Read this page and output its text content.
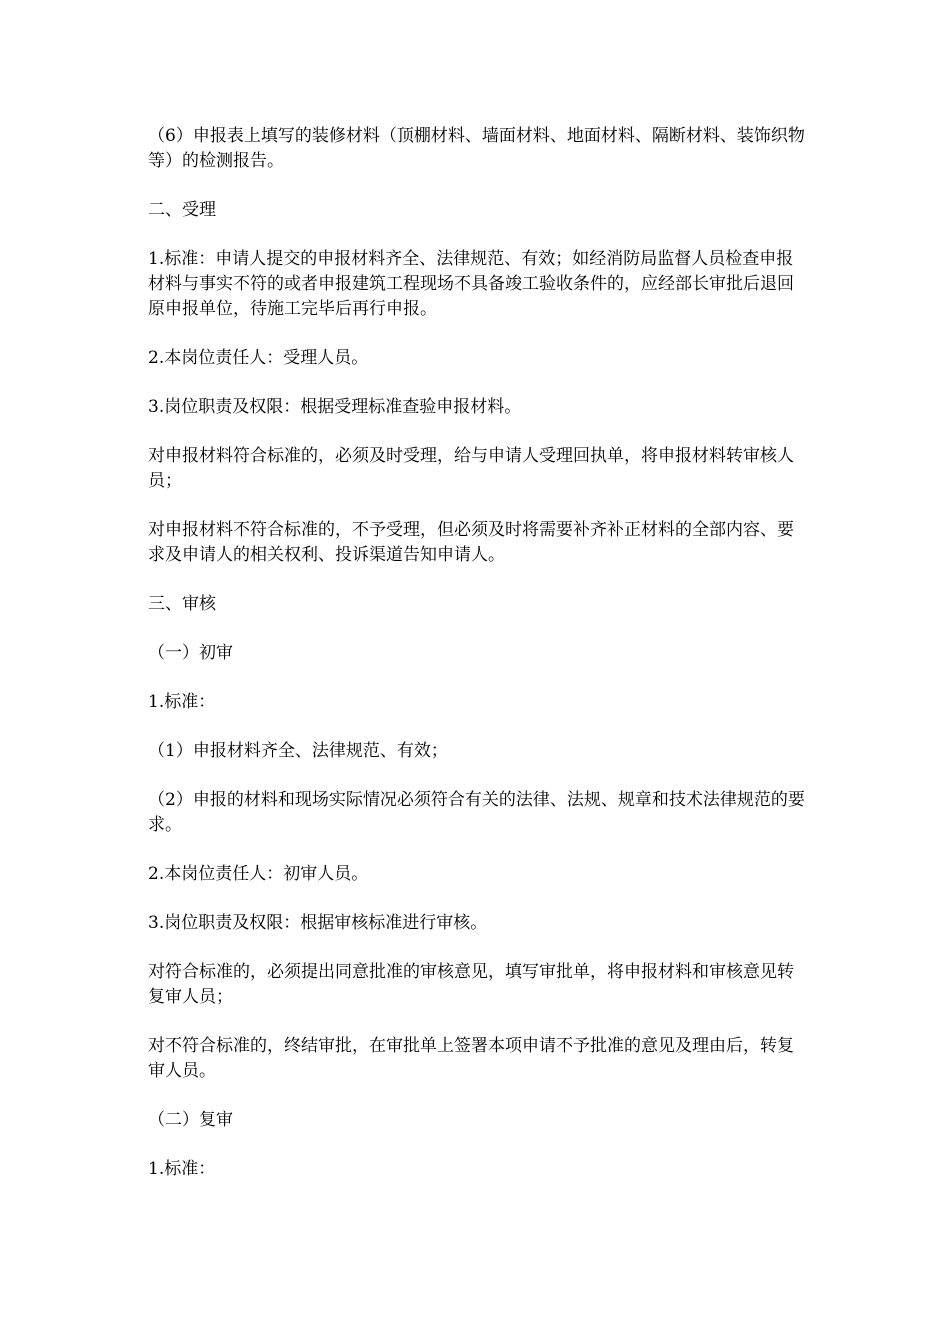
（6）申报表上填写的装修材料（顶棚材料、墙面材料、地面材料、隔断材料、装饰织物等）的检测报告。

二、受理

1.标准：申请人提交的申报材料齐全、法律规范、有效；如经消防局监督人员检查申报材料与事实不符的或者申报建筑工程现场不具备竣工验收条件的，应经部长审批后退回原申报单位，待施工完毕后再行申报。

2.本岗位责任人：受理人员。

3.岗位职责及权限：根据受理标准查验申报材料。

对申报材料符合标准的，必须及时受理，给与申请人受理回执单，将申报材料转审核人员；

对申报材料不符合标准的，不予受理，但必须及时将需要补齐补正材料的全部内容、要求及申请人的相关权利、投诉渠道告知申请人。

三、审核

（一）初审

1.标准：

（1）申报材料齐全、法律规范、有效；

（2）申报的材料和现场实际情况必须符合有关的法律、法规、规章和技术法律规范的要求。

2.本岗位责任人：初审人员。

3.岗位职责及权限：根据审核标准进行审核。

对符合标准的，必须提出同意批准的审核意见，填写审批单，将申报材料和审核意见转复审人员；

对不符合标准的，终结审批，在审批单上签署本项申请不予批准的意见及理由后，转复审人员。

（二）复审

1.标准：
